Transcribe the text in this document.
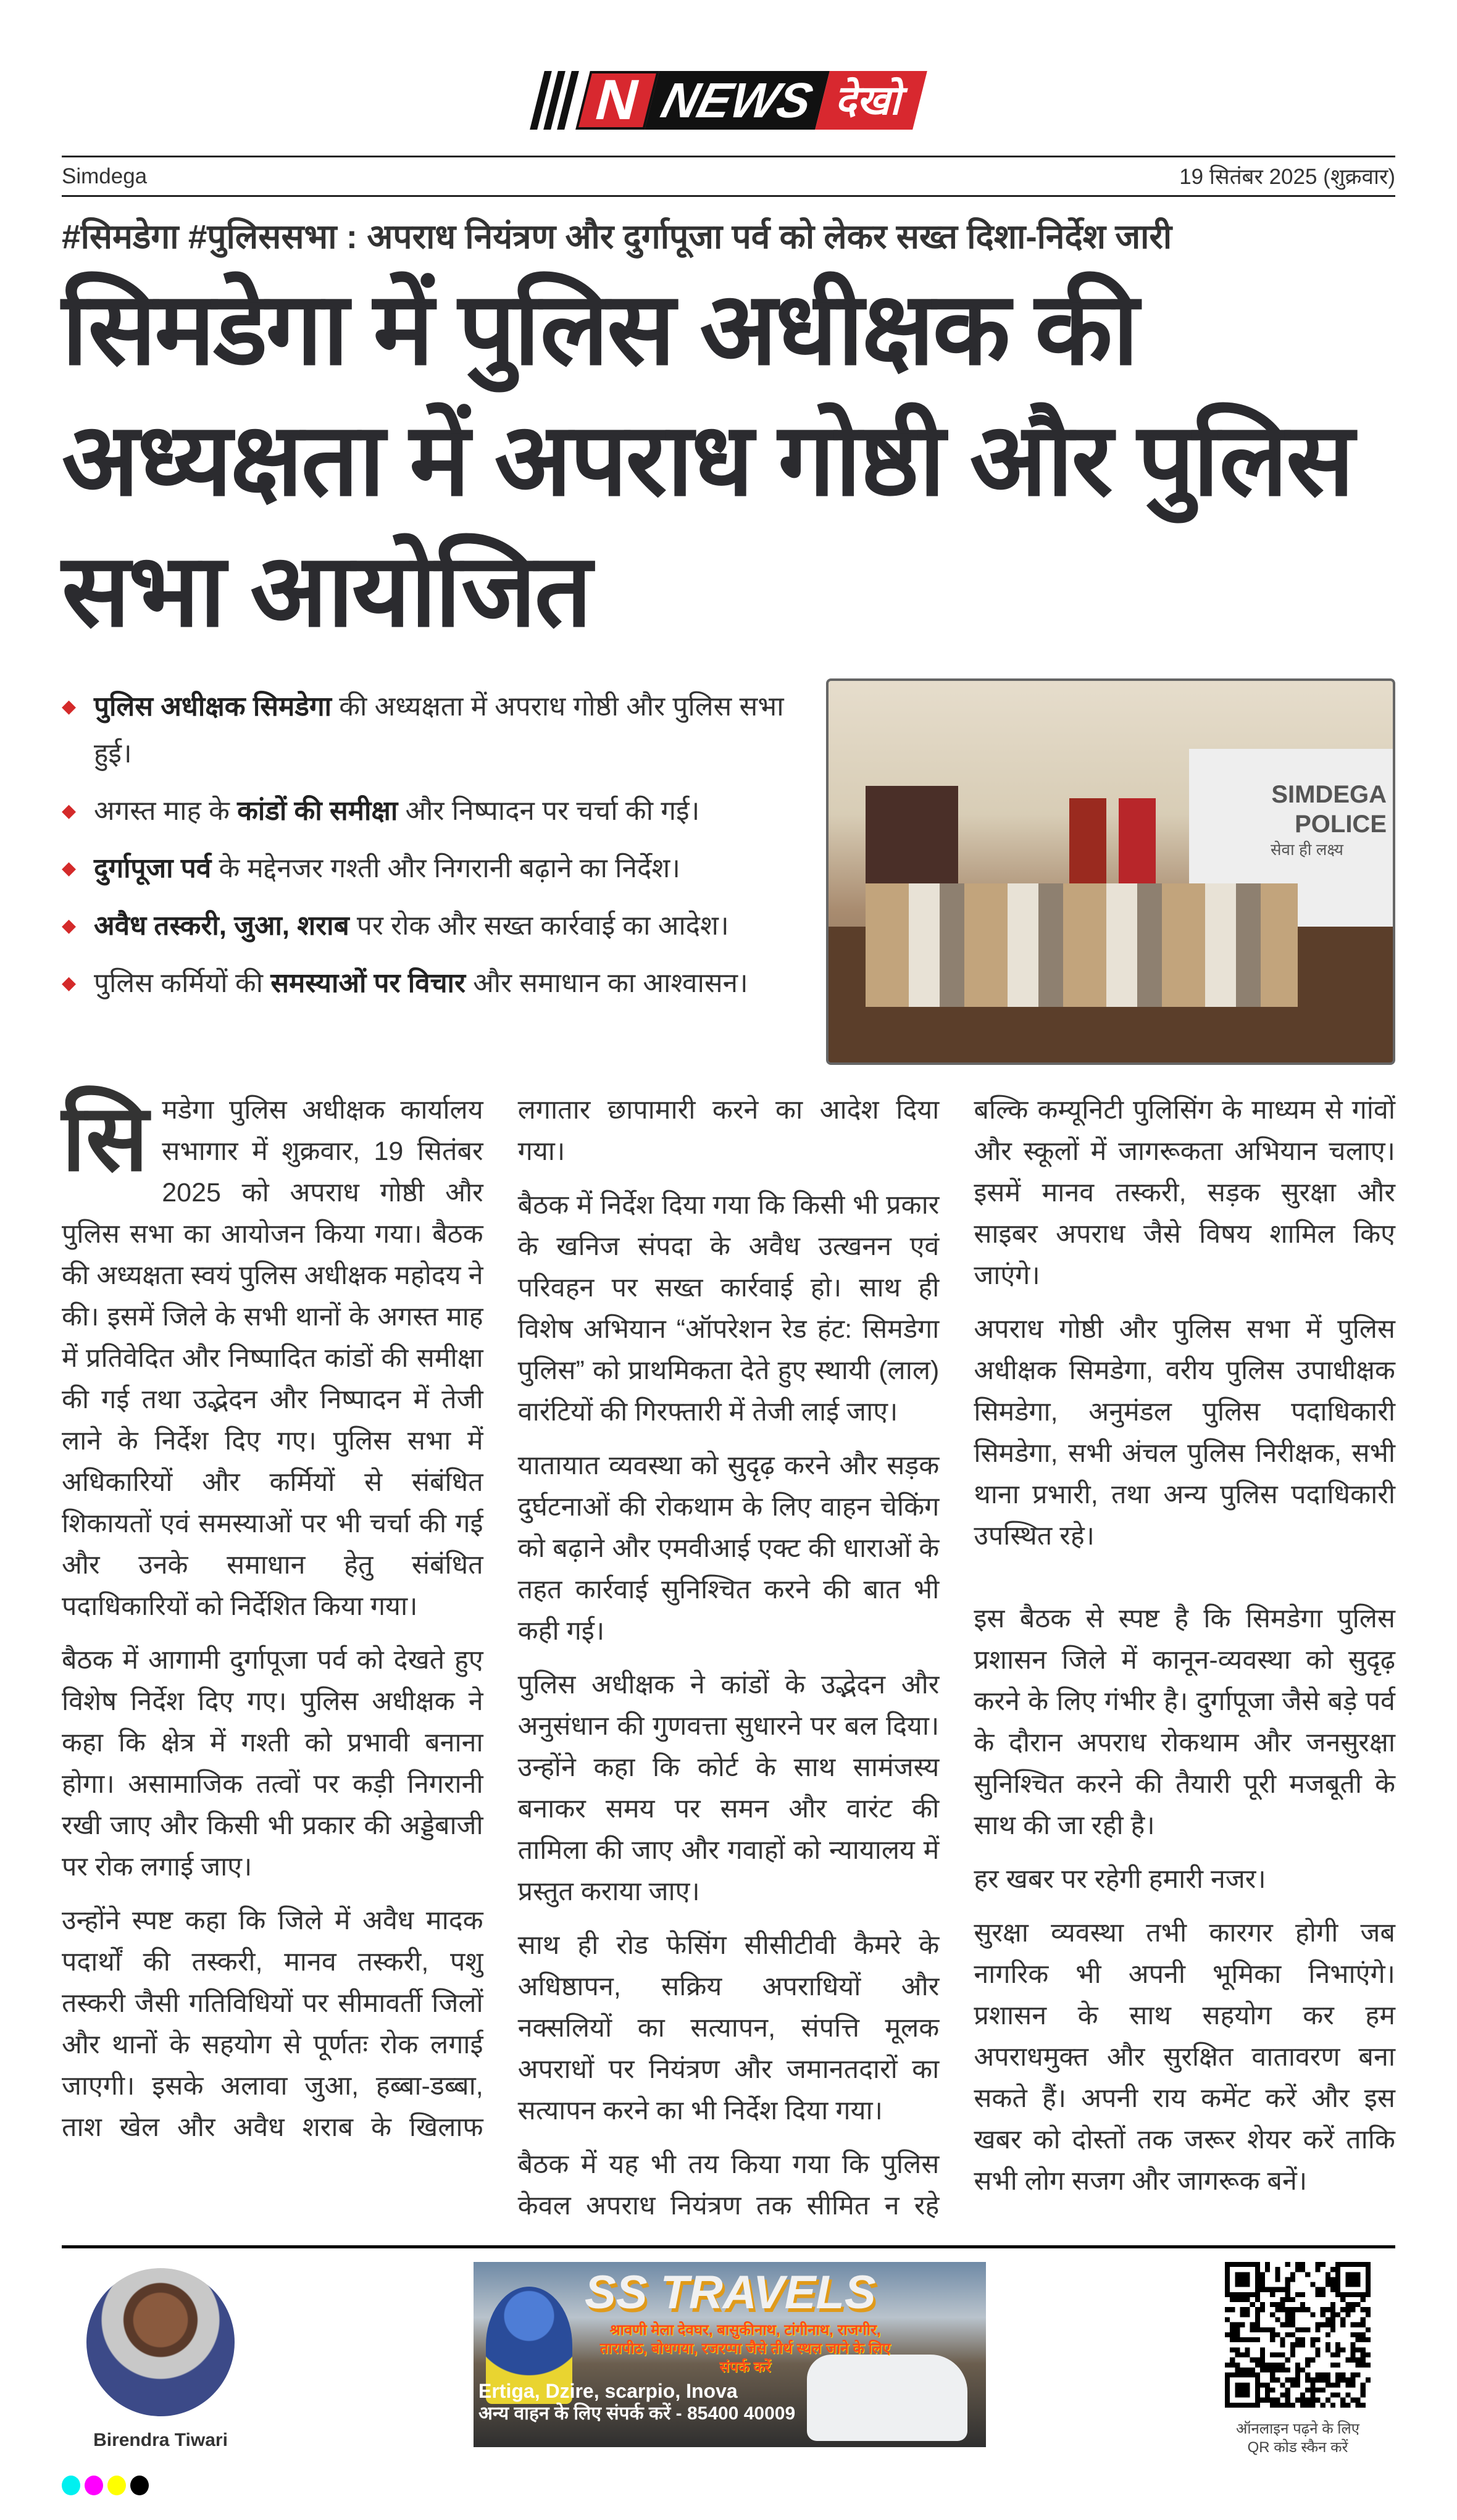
N NEWS देखो
Simdega	19 सितंबर 2025 (शुक्रवार)
#सिमडेगा #पुलिससभा : अपराध नियंत्रण और दुर्गापूजा पर्व को लेकर सख्त दिशा-निर्देश जारी
सिमडेगा में पुलिस अधीक्षक की अध्यक्षता में अपराध गोष्ठी और पुलिस सभा आयोजित
◆ पुलिस अधीक्षक सिमडेगा की अध्यक्षता में अपराध गोष्ठी और पुलिस सभा हुई।
◆ अगस्त माह के कांडों की समीक्षा और निष्पादन पर चर्चा की गई।
◆ दुर्गापूजा पर्व के मद्देनजर गश्ती और निगरानी बढ़ाने का निर्देश।
◆ अवैध तस्करी, जुआ, शराब पर रोक और सख्त कार्रवाई का आदेश।
◆ पुलिस कर्मियों की समस्याओं पर विचार और समाधान का आश्वासन।
SIMDEGA POLICE
सेवा ही लक्ष्य

सिमडेगा पुलिस अधीक्षक कार्यालय सभागार में शुक्रवार, 19 सितंबर 2025 को अपराध गोष्ठी और पुलिस सभा का आयोजन किया गया। बैठक की अध्यक्षता स्वयं पुलिस अधीक्षक महोदय ने की। इसमें जिले के सभी थानों के अगस्त माह में प्रतिवेदित और निष्पादित कांडों की समीक्षा की गई तथा उद्भेदन और निष्पादन में तेजी लाने के निर्देश दिए गए। पुलिस सभा में अधिकारियों और कर्मियों से संबंधित शिकायतों एवं समस्याओं पर भी चर्चा की गई और उनके समाधान हेतु संबंधित पदाधिकारियों को निर्देशित किया गया।

बैठक में आगामी दुर्गापूजा पर्व को देखते हुए विशेष निर्देश दिए गए। पुलिस अधीक्षक ने कहा कि क्षेत्र में गश्ती को प्रभावी बनाना होगा। असामाजिक तत्वों पर कड़ी निगरानी रखी जाए और किसी भी प्रकार की अड्डेबाजी पर रोक लगाई जाए।

उन्होंने स्पष्ट कहा कि जिले में अवैध मादक पदार्थों की तस्करी, मानव तस्करी, पशु तस्करी जैसी गतिविधियों पर सीमावर्ती जिलों और थानों के सहयोग से पूर्णतः रोक लगाई जाएगी। इसके अलावा जुआ, हब्बा-डब्बा, ताश खेल और अवैध शराब के खिलाफ लगातार छापामारी करने का आदेश दिया गया।

बैठक में निर्देश दिया गया कि किसी भी प्रकार के खनिज संपदा के अवैध उत्खनन एवं परिवहन पर सख्त कार्रवाई हो। साथ ही विशेष अभियान “ऑपरेशन रेड हंट: सिमडेगा पुलिस” को प्राथमिकता देते हुए स्थायी (लाल) वारंटियों की गिरफ्तारी में तेजी लाई जाए।

यातायात व्यवस्था को सुदृढ़ करने और सड़क दुर्घटनाओं की रोकथाम के लिए वाहन चेकिंग को बढ़ाने और एमवीआई एक्ट की धाराओं के तहत कार्रवाई सुनिश्चित करने की बात भी कही गई।

पुलिस अधीक्षक ने कांडों के उद्भेदन और अनुसंधान की गुणवत्ता सुधारने पर बल दिया। उन्होंने कहा कि कोर्ट के साथ सामंजस्य बनाकर समय पर समन और वारंट की तामिला की जाए और गवाहों को न्यायालय में प्रस्तुत कराया जाए।

साथ ही रोड फेसिंग सीसीटीवी कैमरे के अधिष्ठापन, सक्रिय अपराधियों और नक्सलियों का सत्यापन, संपत्ति मूलक अपराधों पर नियंत्रण और जमानतदारों का सत्यापन करने का भी निर्देश दिया गया।

बैठक में यह भी तय किया गया कि पुलिस केवल अपराध नियंत्रण तक सीमित न रहे बल्कि कम्यूनिटी पुलिसिंग के माध्यम से गांवों और स्कूलों में जागरूकता अभियान चलाए। इसमें मानव तस्करी, सड़क सुरक्षा और साइबर अपराध जैसे विषय शामिल किए जाएंगे।

अपराध गोष्ठी और पुलिस सभा में पुलिस अधीक्षक सिमडेगा, वरीय पुलिस उपाधीक्षक सिमडेगा, अनुमंडल पुलिस पदाधिकारी सिमडेगा, सभी अंचल पुलिस निरीक्षक, सभी थाना प्रभारी, तथा अन्य पुलिस पदाधिकारी उपस्थित रहे।

इस बैठक से स्पष्ट है कि सिमडेगा पुलिस प्रशासन जिले में कानून-व्यवस्था को सुदृढ़ करने के लिए गंभीर है। दुर्गापूजा जैसे बड़े पर्व के दौरान अपराध रोकथाम और जनसुरक्षा सुनिश्चित करने की तैयारी पूरी मजबूती के साथ की जा रही है।

हर खबर पर रहेगी हमारी नजर।

सुरक्षा व्यवस्था तभी कारगर होगी जब नागरिक भी अपनी भूमिका निभाएंगे। प्रशासन के साथ सहयोग कर हम अपराधमुक्त और सुरक्षित वातावरण बना सकते हैं। अपनी राय कमेंट करें और इस खबर को दोस्तों तक जरूर शेयर करें ताकि सभी लोग सजग और जागरूक बनें।

Birendra Tiwari
SS TRAVELS
श्रावणी मेला देवघर, बासुकीनाथ, टांगीनाथ, राजगीर, तारापीठ, बोधगया, रजरप्पा जैसे तीर्थ स्थल जाने के लिए संपर्क करें
Ertiga, Dzire, scarpio, Inova
अन्य वाहन के लिए संपर्क करें - 85400 40009
ऑनलाइन पढ़ने के लिए
QR कोड स्कैन करें
